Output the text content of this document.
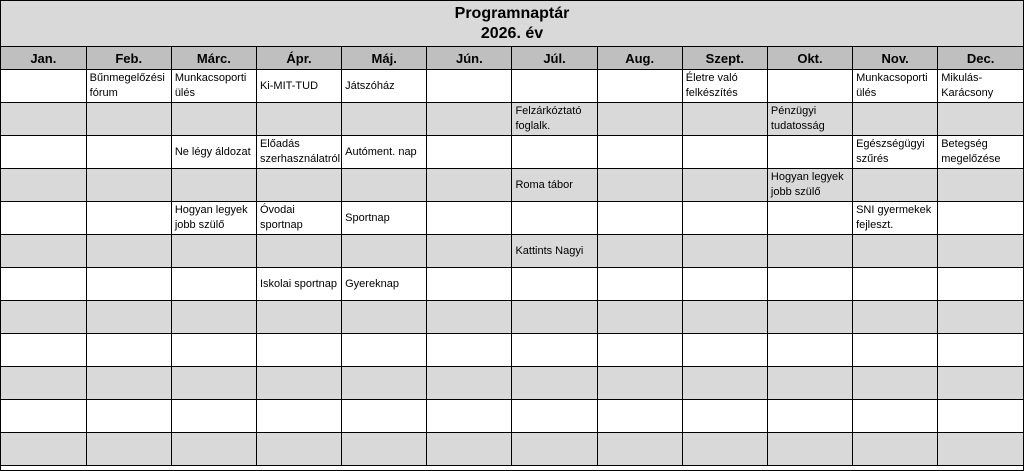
Programnaptár
2026. év
Jan.	Feb.	Márc.	Ápr.	Máj.	Jún.	Júl.	Aug.	Szept.	Okt.	Nov.	Dec.
	Bűnmegelőzési fórum	Munkacsoporti ülés	Ki-MIT-TUD	Játszóház				Életre való felkészítés		Munkacsoporti ülés	Mikulás-Karácsony
						Felzárkóztató foglalk.			Pénzügyi tudatosság		
		Ne légy áldozat	Előadás szerhasználatról	Autóment. nap						Egészségügyi szűrés	Betegség megelőzése
						Roma tábor			Hogyan legyek jobb szülő		
		Hogyan legyek jobb szülő	Óvodai sportnap	Sportnap						SNI gyermekek fejleszt.	
						Kattints Nagyi					
			Iskolai sportnap	Gyereknap							
